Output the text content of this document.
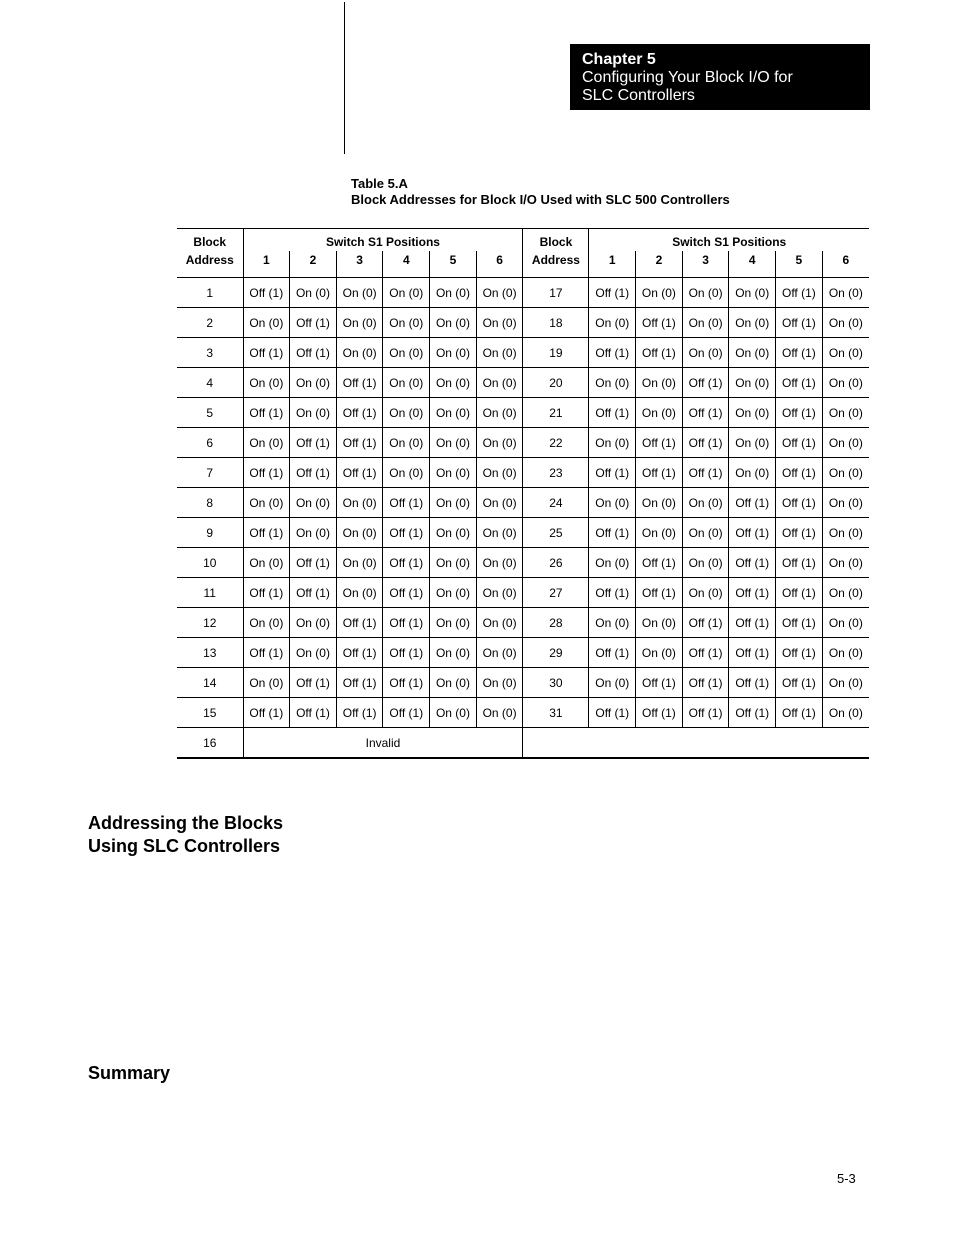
Chapter 5
Configuring Your Block I/O for
SLC Controllers
Table 5.A
Block Addresses for Block I/O Used with SLC 500 Controllers
Block	Switch S1 Positions						Block	Switch S1 Positions					
Address	1	2	3	4	5	6	Address	1	2	3	4	5	6
1	Off (1)	On (0)	On (0)	On (0)	On (0)	On (0)	17	Off (1)	On (0)	On (0)	On (0)	Off (1)	On (0)
2	On (0)	Off (1)	On (0)	On (0)	On (0)	On (0)	18	On (0)	Off (1)	On (0)	On (0)	Off (1)	On (0)
3	Off (1)	Off (1)	On (0)	On (0)	On (0)	On (0)	19	Off (1)	Off (1)	On (0)	On (0)	Off (1)	On (0)
4	On (0)	On (0)	Off (1)	On (0)	On (0)	On (0)	20	On (0)	On (0)	Off (1)	On (0)	Off (1)	On (0)
5	Off (1)	On (0)	Off (1)	On (0)	On (0)	On (0)	21	Off (1)	On (0)	Off (1)	On (0)	Off (1)	On (0)
6	On (0)	Off (1)	Off (1)	On (0)	On (0)	On (0)	22	On (0)	Off (1)	Off (1)	On (0)	Off (1)	On (0)
7	Off (1)	Off (1)	Off (1)	On (0)	On (0)	On (0)	23	Off (1)	Off (1)	Off (1)	On (0)	Off (1)	On (0)
8	On (0)	On (0)	On (0)	Off (1)	On (0)	On (0)	24	On (0)	On (0)	On (0)	Off (1)	Off (1)	On (0)
9	Off (1)	On (0)	On (0)	Off (1)	On (0)	On (0)	25	Off (1)	On (0)	On (0)	Off (1)	Off (1)	On (0)
10	On (0)	Off (1)	On (0)	Off (1)	On (0)	On (0)	26	On (0)	Off (1)	On (0)	Off (1)	Off (1)	On (0)
11	Off (1)	Off (1)	On (0)	Off (1)	On (0)	On (0)	27	Off (1)	Off (1)	On (0)	Off (1)	Off (1)	On (0)
12	On (0)	On (0)	Off (1)	Off (1)	On (0)	On (0)	28	On (0)	On (0)	Off (1)	Off (1)	Off (1)	On (0)
13	Off (1)	On (0)	Off (1)	Off (1)	On (0)	On (0)	29	Off (1)	On (0)	Off (1)	Off (1)	Off (1)	On (0)
14	On (0)	Off (1)	Off (1)	Off (1)	On (0)	On (0)	30	On (0)	Off (1)	Off (1)	Off (1)	Off (1)	On (0)
15	Off (1)	Off (1)	Off (1)	Off (1)	On (0)	On (0)	31	Off (1)	Off (1)	Off (1)	Off (1)	Off (1)	On (0)
16	Invalid												
Addressing the Blocks
Using SLC Controllers
Summary
5-3
